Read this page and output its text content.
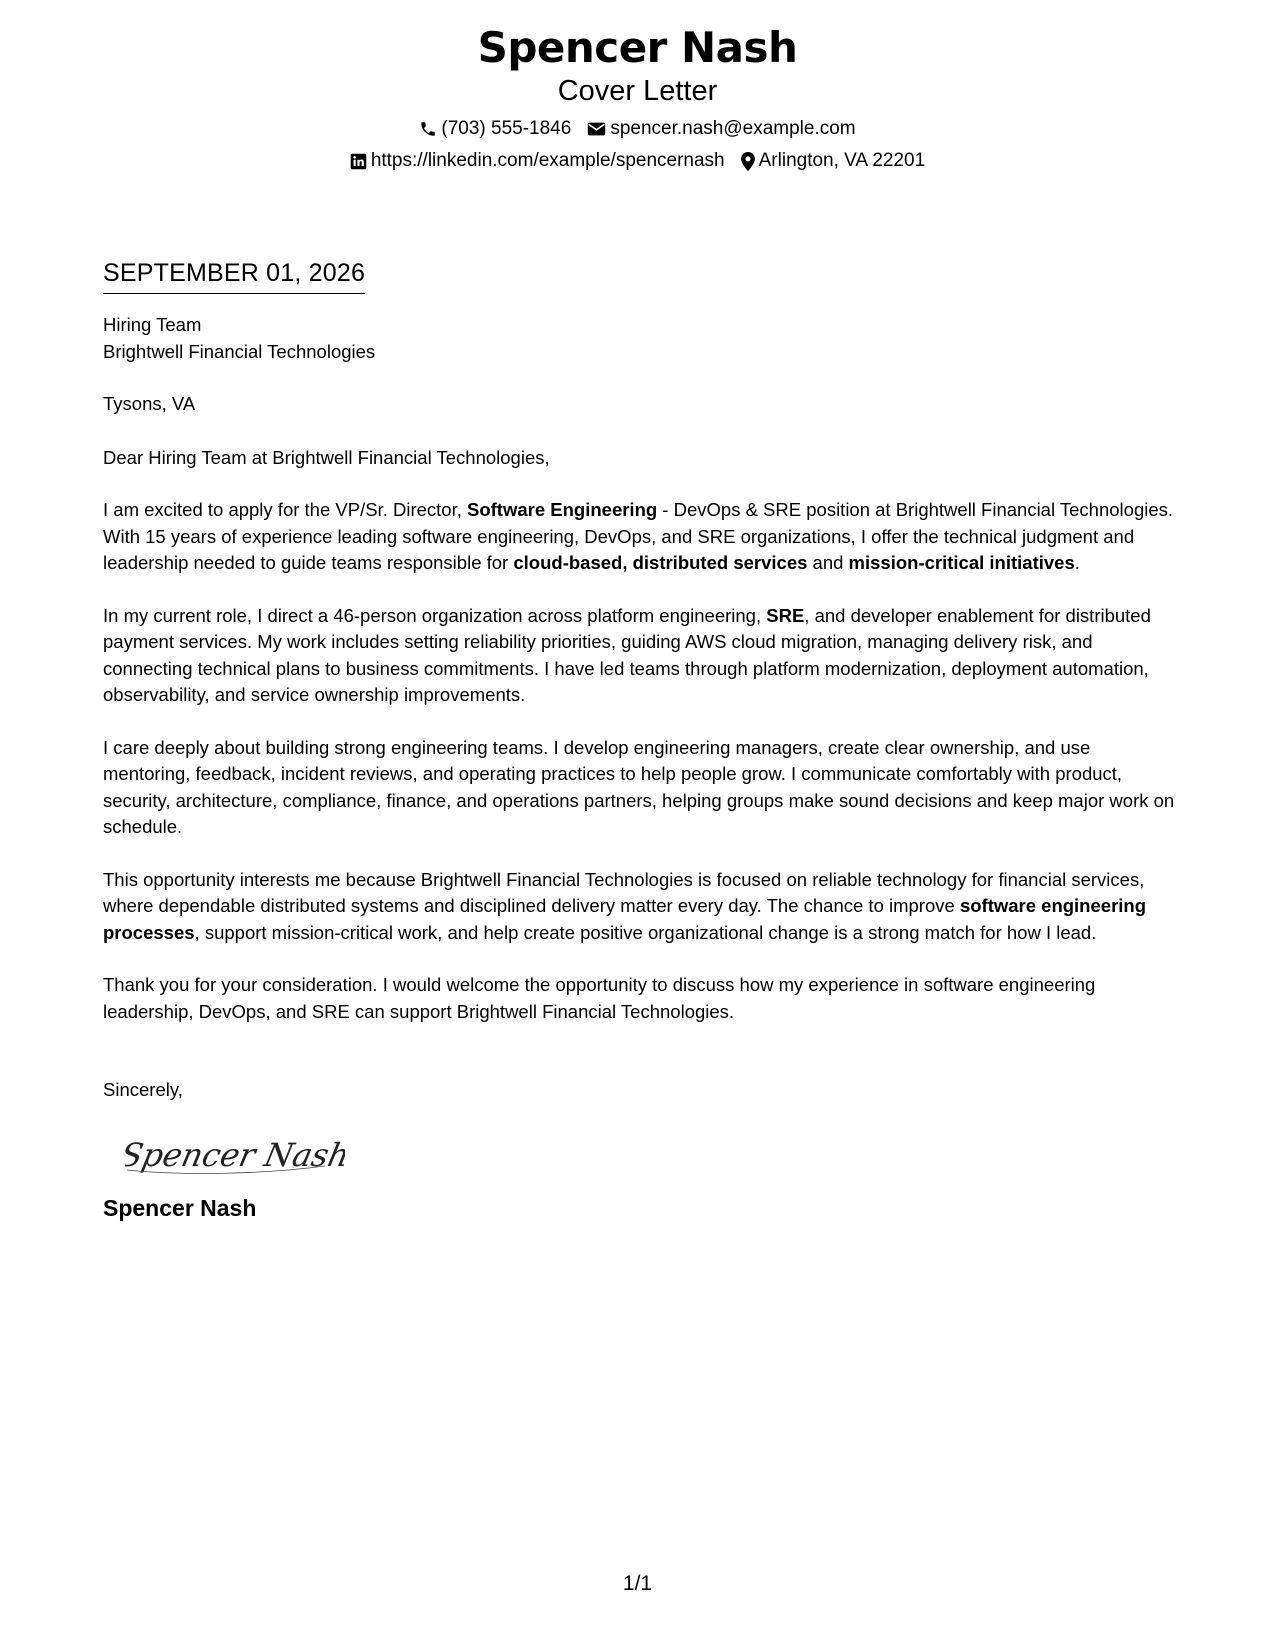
Spencer Nash
Cover Letter
(703) 555-1846 spencer.nash@example.com
https://linkedin.com/example/spencernash Arlington, VA 22201
SEPTEMBER 01, 2026
Hiring Team
Brightwell Financial Technologies
Tysons, VA
Dear Hiring Team at Brightwell Financial Technologies,

I am excited to apply for the VP/Sr. Director, Software Engineering - DevOps & SRE position at Brightwell Financial Technologies. With 15 years of experience leading software engineering, DevOps, and SRE organizations, I offer the technical judgment and leadership needed to guide teams responsible for cloud-based, distributed services and mission-critical initiatives.

In my current role, I direct a 46-person organization across platform engineering, SRE, and developer enablement for distributed payment services. My work includes setting reliability priorities, guiding AWS cloud migration, managing delivery risk, and connecting technical plans to business commitments. I have led teams through platform modernization, deployment automation, observability, and service ownership improvements.

I care deeply about building strong engineering teams. I develop engineering managers, create clear ownership, and use mentoring, feedback, incident reviews, and operating practices to help people grow. I communicate comfortably with product, security, architecture, compliance, finance, and operations partners, helping groups make sound decisions and keep major work on schedule.

This opportunity interests me because Brightwell Financial Technologies is focused on reliable technology for financial services, where dependable distributed systems and disciplined delivery matter every day. The chance to improve software engineering processes, support mission-critical work, and help create positive organizational change is a strong match for how I lead.

Thank you for your consideration. I would welcome the opportunity to discuss how my experience in software engineering leadership, DevOps, and SRE can support Brightwell Financial Technologies.

Sincerely,
Spencer Nash
Spencer Nash
1/1
